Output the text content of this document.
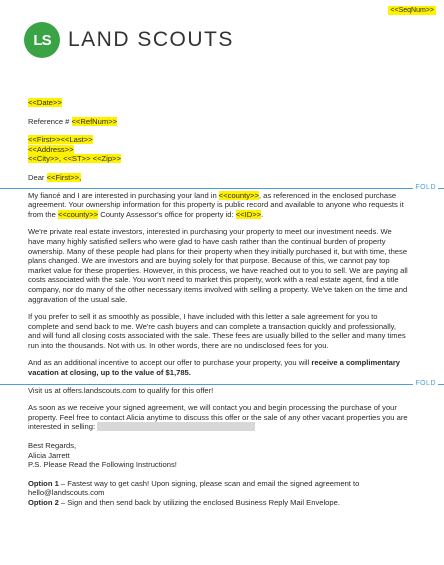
<<SeqNum>>
LS LAND SCOUTS
FOLD
FOLD

<<Date>>

Reference # <<RefNum>>

<<First>><<Last>>

<<Address>>

<<City>>, <<ST>> <<Zip>>

Dear <<First>>,

My fiancé and I are interested in purchasing your land in <<county>>, as referenced in the enclosed purchase agreement. Your ownership information for this property is public record and available to anyone who requests it from the <<county>> County Assessor's office for property id: <<ID>>.

We're private real estate investors, interested in purchasing your property to meet our investment needs. We have many highly satisfied sellers who were glad to have cash rather than the continual burden of property ownership. Many of these people had plans for their property when they initially purchased it, but with time, these plans changed. We are investors and are buying solely for that purpose. Because of this, we cannot pay top market value for these properties. However, in this process, we have reached out to you to sell. We are paying all costs associated with the sale. You won't need to market this property, work with a real estate agent, find a title company, nor do many of the other necessary items involved with selling a property. We've taken on the time and aggravation of the usual sale.

If you prefer to sell it as smoothly as possible, I have included with this letter a sale agreement for you to complete and send back to me. We're cash buyers and can complete a transaction quickly and professionally, and will fund all closing costs associated with the sale. These fees are usually billed to the seller and many times run into the thousands. Not with us. In other words, there are no undisclosed fees for you.

And as an additional incentive to accept our offer to purchase your property, you will receive a complimentary vacation at closing, up to the value of $1,785.

Visit us at offers.landscouts.com to qualify for this offer!

As soon as we receive your signed agreement, we will contact you and begin processing the purchase of your property. Feel free to contact Alicia anytime to discuss this offer or the sale of any other vacant properties you are interested in selling:

Best Regards,

Alicia Jarrett

P.S. Please Read the Following Instructions!

Option 1 – Fastest way to get cash! Upon signing, please scan and email the signed agreement to hello@landscouts.com

Option 2 – Sign and then send back by utilizing the enclosed Business Reply Mail Envelope.
